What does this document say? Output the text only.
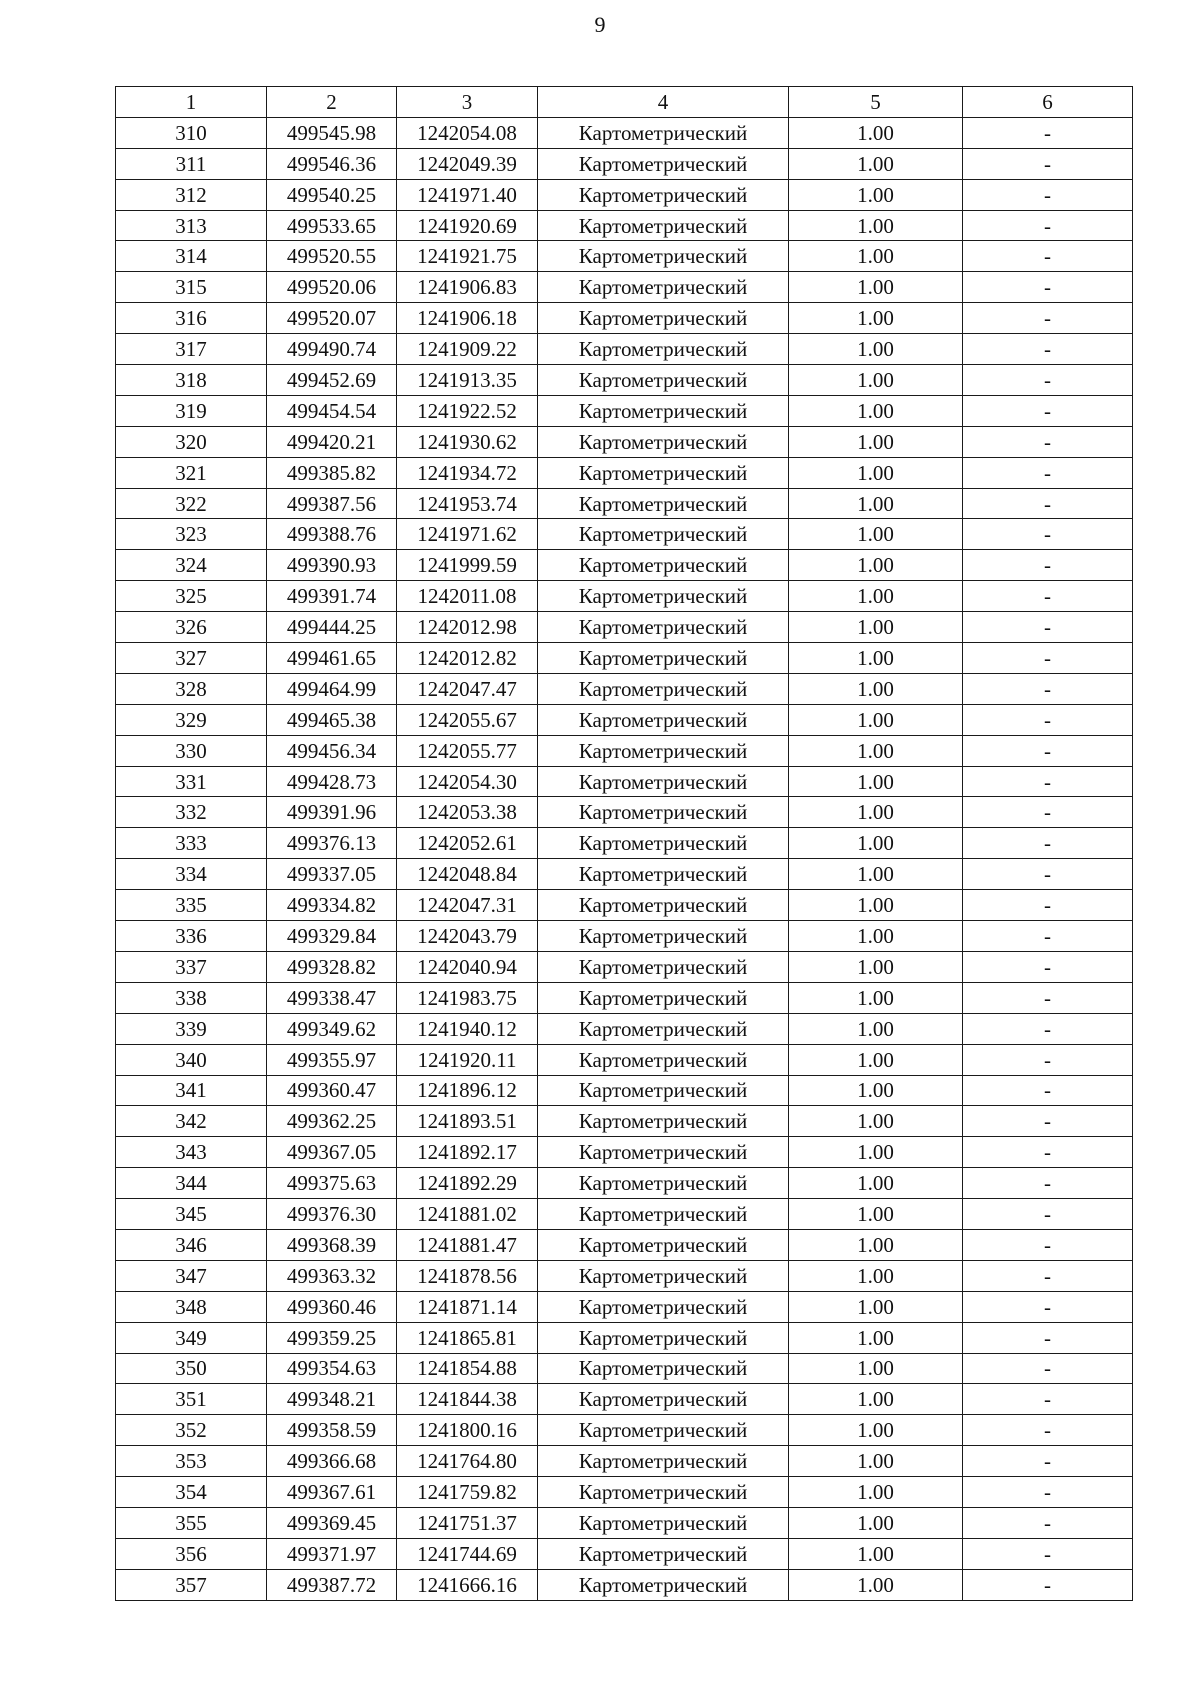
9
1	2	3	4	5	6
310	499545.98	1242054.08	Картометрический	1.00	-
311	499546.36	1242049.39	Картометрический	1.00	-
312	499540.25	1241971.40	Картометрический	1.00	-
313	499533.65	1241920.69	Картометрический	1.00	-
314	499520.55	1241921.75	Картометрический	1.00	-
315	499520.06	1241906.83	Картометрический	1.00	-
316	499520.07	1241906.18	Картометрический	1.00	-
317	499490.74	1241909.22	Картометрический	1.00	-
318	499452.69	1241913.35	Картометрический	1.00	-
319	499454.54	1241922.52	Картометрический	1.00	-
320	499420.21	1241930.62	Картометрический	1.00	-
321	499385.82	1241934.72	Картометрический	1.00	-
322	499387.56	1241953.74	Картометрический	1.00	-
323	499388.76	1241971.62	Картометрический	1.00	-
324	499390.93	1241999.59	Картометрический	1.00	-
325	499391.74	1242011.08	Картометрический	1.00	-
326	499444.25	1242012.98	Картометрический	1.00	-
327	499461.65	1242012.82	Картометрический	1.00	-
328	499464.99	1242047.47	Картометрический	1.00	-
329	499465.38	1242055.67	Картометрический	1.00	-
330	499456.34	1242055.77	Картометрический	1.00	-
331	499428.73	1242054.30	Картометрический	1.00	-
332	499391.96	1242053.38	Картометрический	1.00	-
333	499376.13	1242052.61	Картометрический	1.00	-
334	499337.05	1242048.84	Картометрический	1.00	-
335	499334.82	1242047.31	Картометрический	1.00	-
336	499329.84	1242043.79	Картометрический	1.00	-
337	499328.82	1242040.94	Картометрический	1.00	-
338	499338.47	1241983.75	Картометрический	1.00	-
339	499349.62	1241940.12	Картометрический	1.00	-
340	499355.97	1241920.11	Картометрический	1.00	-
341	499360.47	1241896.12	Картометрический	1.00	-
342	499362.25	1241893.51	Картометрический	1.00	-
343	499367.05	1241892.17	Картометрический	1.00	-
344	499375.63	1241892.29	Картометрический	1.00	-
345	499376.30	1241881.02	Картометрический	1.00	-
346	499368.39	1241881.47	Картометрический	1.00	-
347	499363.32	1241878.56	Картометрический	1.00	-
348	499360.46	1241871.14	Картометрический	1.00	-
349	499359.25	1241865.81	Картометрический	1.00	-
350	499354.63	1241854.88	Картометрический	1.00	-
351	499348.21	1241844.38	Картометрический	1.00	-
352	499358.59	1241800.16	Картометрический	1.00	-
353	499366.68	1241764.80	Картометрический	1.00	-
354	499367.61	1241759.82	Картометрический	1.00	-
355	499369.45	1241751.37	Картометрический	1.00	-
356	499371.97	1241744.69	Картометрический	1.00	-
357	499387.72	1241666.16	Картометрический	1.00	-
